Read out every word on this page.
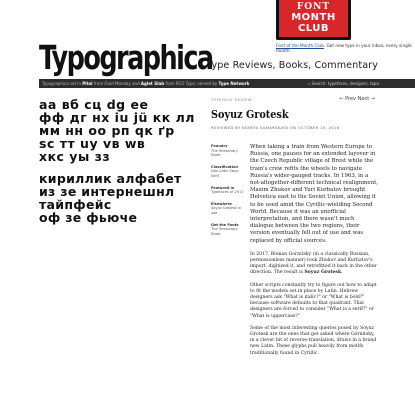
FONT
MONTH
CLUB
Font of the Month Club. Get new type in your inbox, every single month.
Typographica
Type Reviews, Books, Commentary
Typographica set in Pitol from Ould Monday and Aglet Slab from RCO Type; served by Type Network	⌕ Search: typefaces, designer, topic
аа вб сц dg ее
фф дг нх iu jü кк лл
мм нн оо рп qк ґр
sc тт uy vв wв
хкс уы зз
кириллик алфабет
из зе интернешнл
тайпфейс
оф зе фьюче
TYPEFACE REVIEW	← Prev Next →
Soyuz Grotesk
REVIEWED BY KSENYA SAMARSKAYA ON OCTOBER 10, 2018
Foundry
The Temporary State
Classification
Non-Latin Sans-Serif
Featured in
Typefaces of 2017
Elsewhere
Soyuz Grotesk in use
Get the Fonts
The Temporary State

When taking a train from Western Europe to Russia, one pauses for an extended layover in the Czech Republic village of Brest while the train's crew refits the wheels to navigate Russia's wider-gauged tracks. In 1963, in a not-altogether-different technical realignment, Maxim Zhukov and Yuri Kurbatov brought Helvetica east to the Soviet Union, allowing it to be used amid the Cyrillic-wielding Second World. Because it was an unofficial interpretation, and there wasn't much dialogue between the two regions, their version eventually fell out of use and was replaced by official sources.

In 2017, Roman Gornitsky (in a classically Russian, permissionless manner) took Zhukov and Kurbatov's import, digitized it, and retrofitted it back in the other direction. The result is Soyuz Grotesk.

Other scripts constantly try to figure out how to adapt to fit the models set in place by Latin. Hebrew designers ask "What is italic?" or "What is bold?" because software defaults to that quadrant. Thai designers are forced to consider "What is a serif?" or "What is uppercase?"

Some of the most interesting queries posed by Soyuz Grotesk are the ones that get asked where Gornitsky, in a clever bit of reverse-translation, draws in a brand new Latin. These glyphs pull heavily from motifs traditionally found in Cyrillic.
